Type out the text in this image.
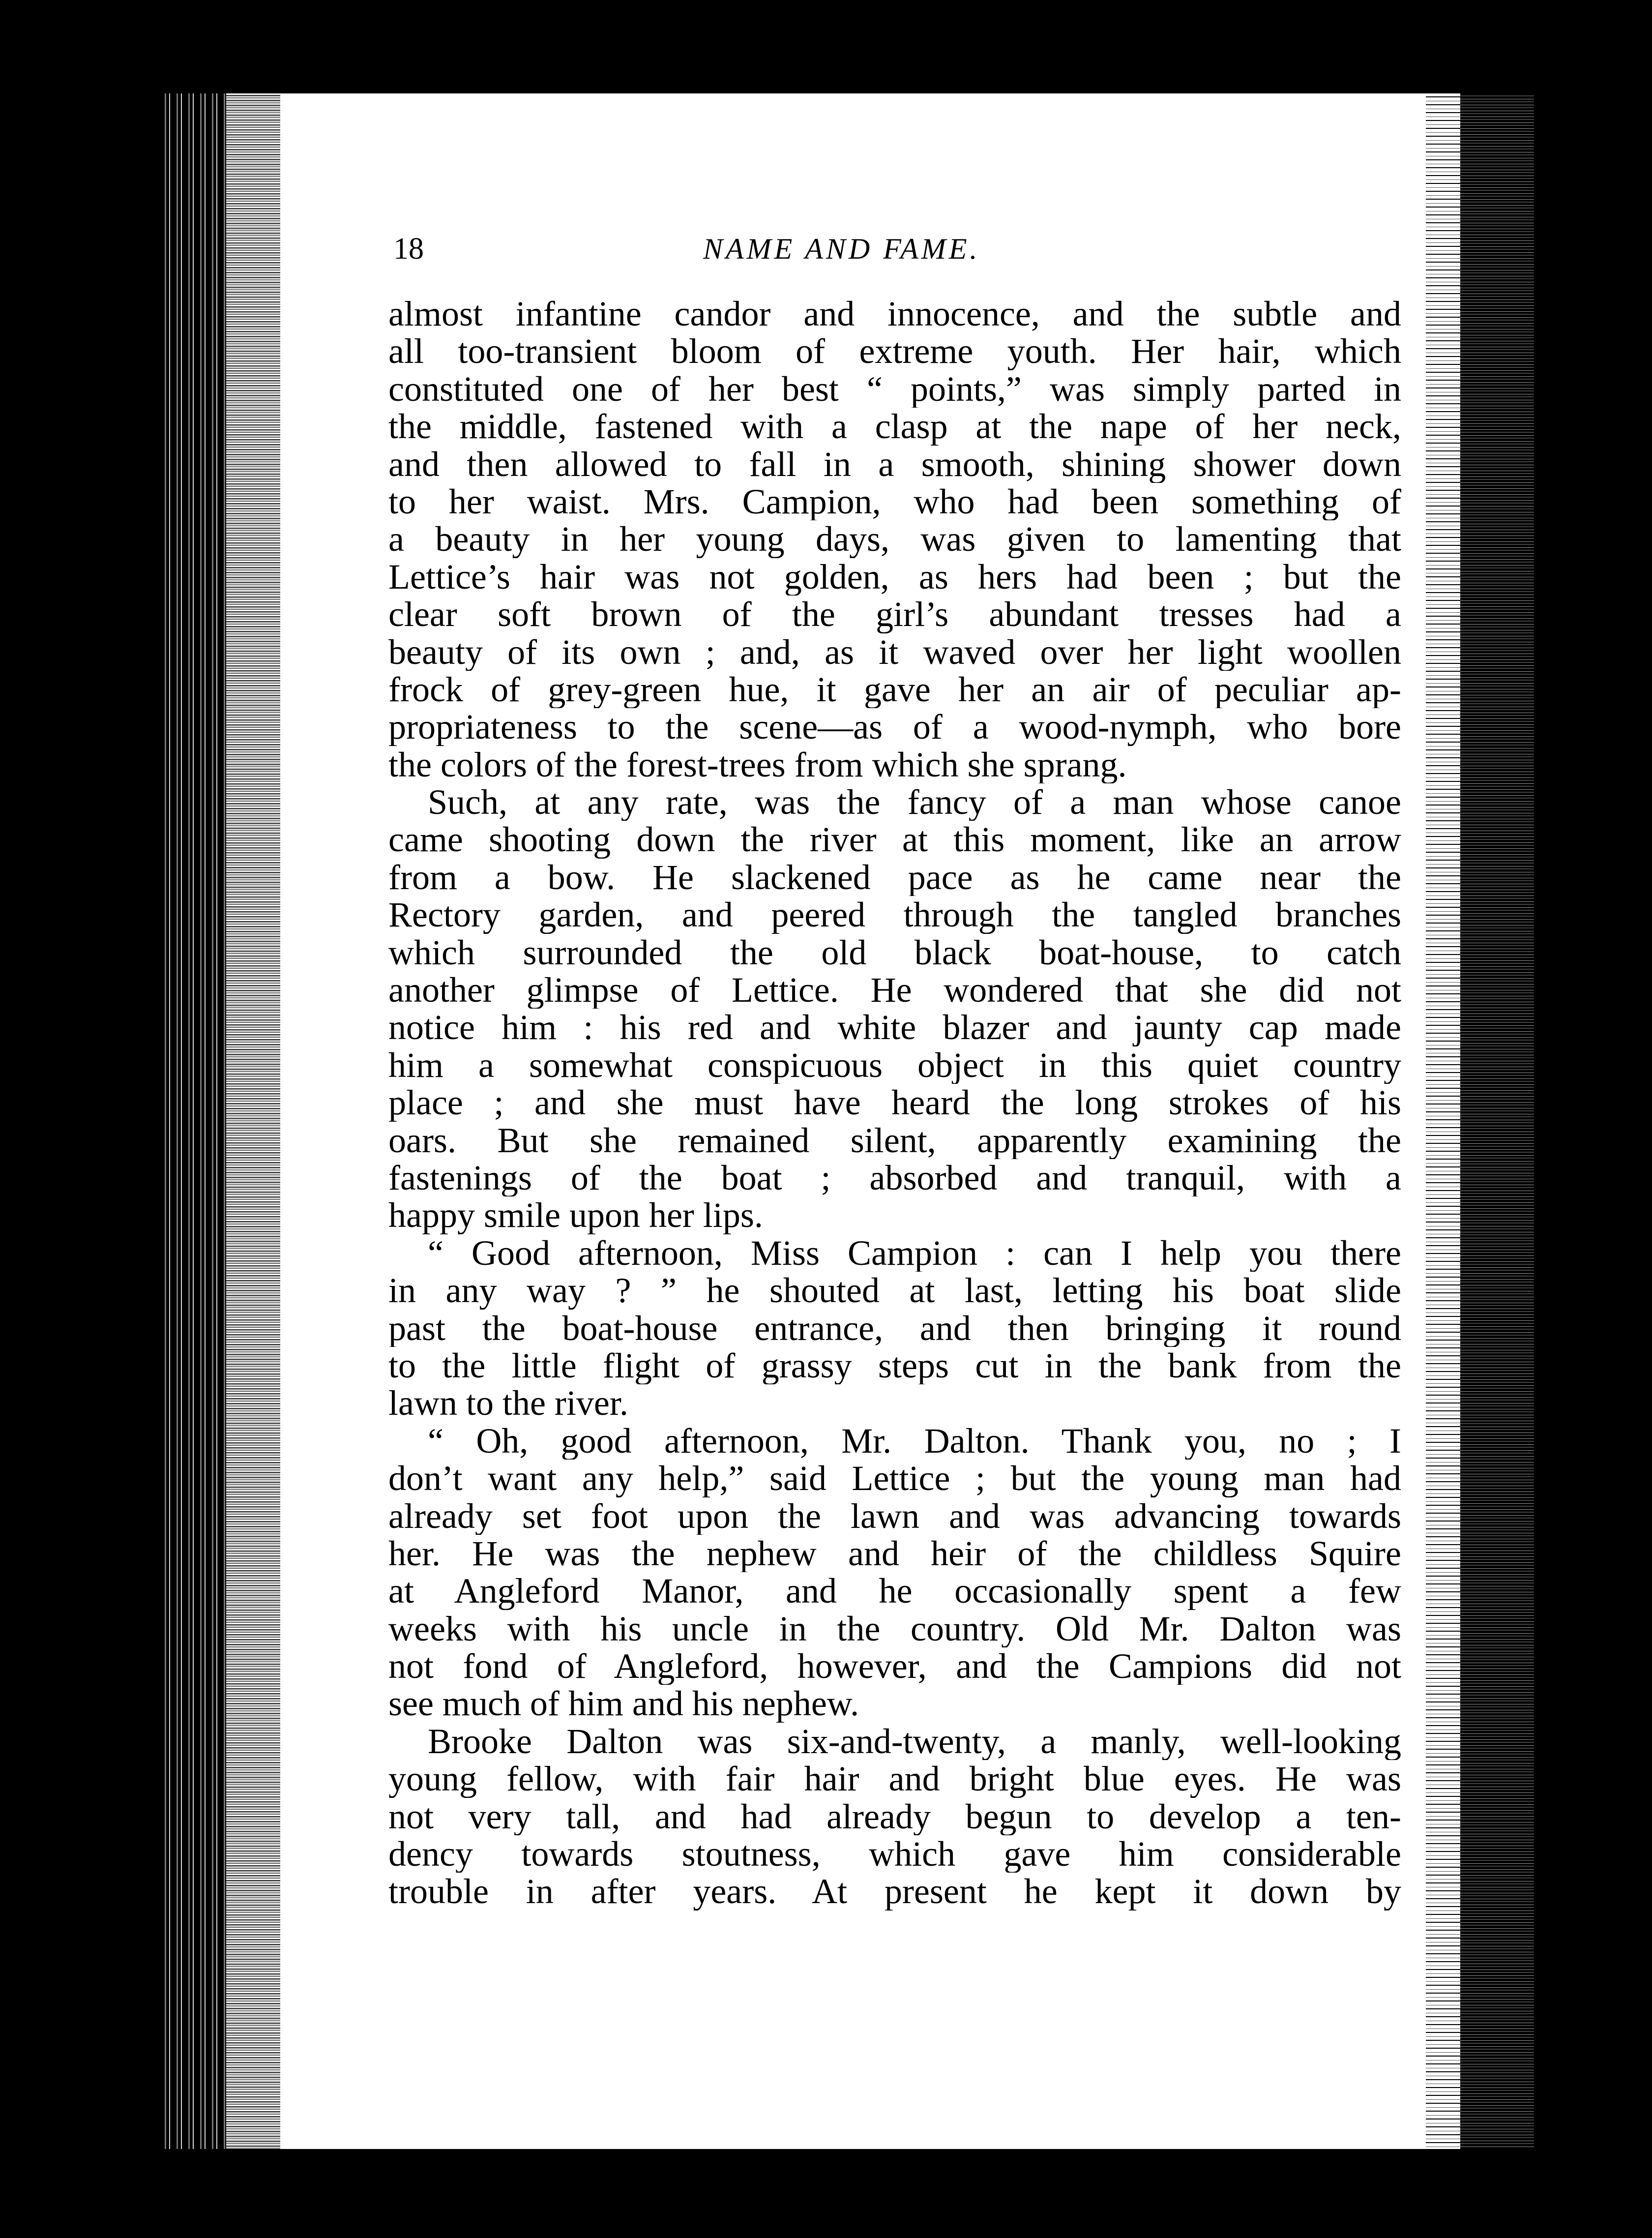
18	NAME AND FAME.
almost infantine candor and innocence, and the subtle and
all too-transient bloom of extreme youth. Her hair, which
constituted one of her best “ points,” was simply parted in
the middle, fastened with a clasp at the nape of her neck,
and then allowed to fall in a smooth, shining shower down
to her waist. Mrs. Campion, who had been something of
a beauty in her young days, was given to lamenting that
Lettice’s hair was not golden, as hers had been ; but the
clear soft brown of the girl’s abundant tresses had a
beauty of its own ; and, as it waved over her light woollen
frock of grey-green hue, it gave her an air of peculiar ap-
propriateness to the scene—as of a wood-nymph, who bore
the colors of the forest-trees from which she sprang.
Such, at any rate, was the fancy of a man whose canoe
came shooting down the river at this moment, like an arrow
from a bow. He slackened pace as he came near the
Rectory garden, and peered through the tangled branches
which surrounded the old black boat-house, to catch
another glimpse of Lettice. He wondered that she did not
notice him : his red and white blazer and jaunty cap made
him a somewhat conspicuous object in this quiet country
place ; and she must have heard the long strokes of his
oars. But she remained silent, apparently examining the
fastenings of the boat ; absorbed and tranquil, with a
happy smile upon her lips.
“ Good afternoon, Miss Campion : can I help you there
in any way ? ” he shouted at last, letting his boat slide
past the boat-house entrance, and then bringing it round
to the little flight of grassy steps cut in the bank from the
lawn to the river.
“ Oh, good afternoon, Mr. Dalton. Thank you, no ; I
don’t want any help,” said Lettice ; but the young man had
already set foot upon the lawn and was advancing towards
her. He was the nephew and heir of the childless Squire
at Angleford Manor, and he occasionally spent a few
weeks with his uncle in the country. Old Mr. Dalton was
not fond of Angleford, however, and the Campions did not
see much of him and his nephew.
Brooke Dalton was six-and-twenty, a manly, well-looking
young fellow, with fair hair and bright blue eyes. He was
not very tall, and had already begun to develop a ten-
dency towards stoutness, which gave him considerable
trouble in after years. At present he kept it down by
